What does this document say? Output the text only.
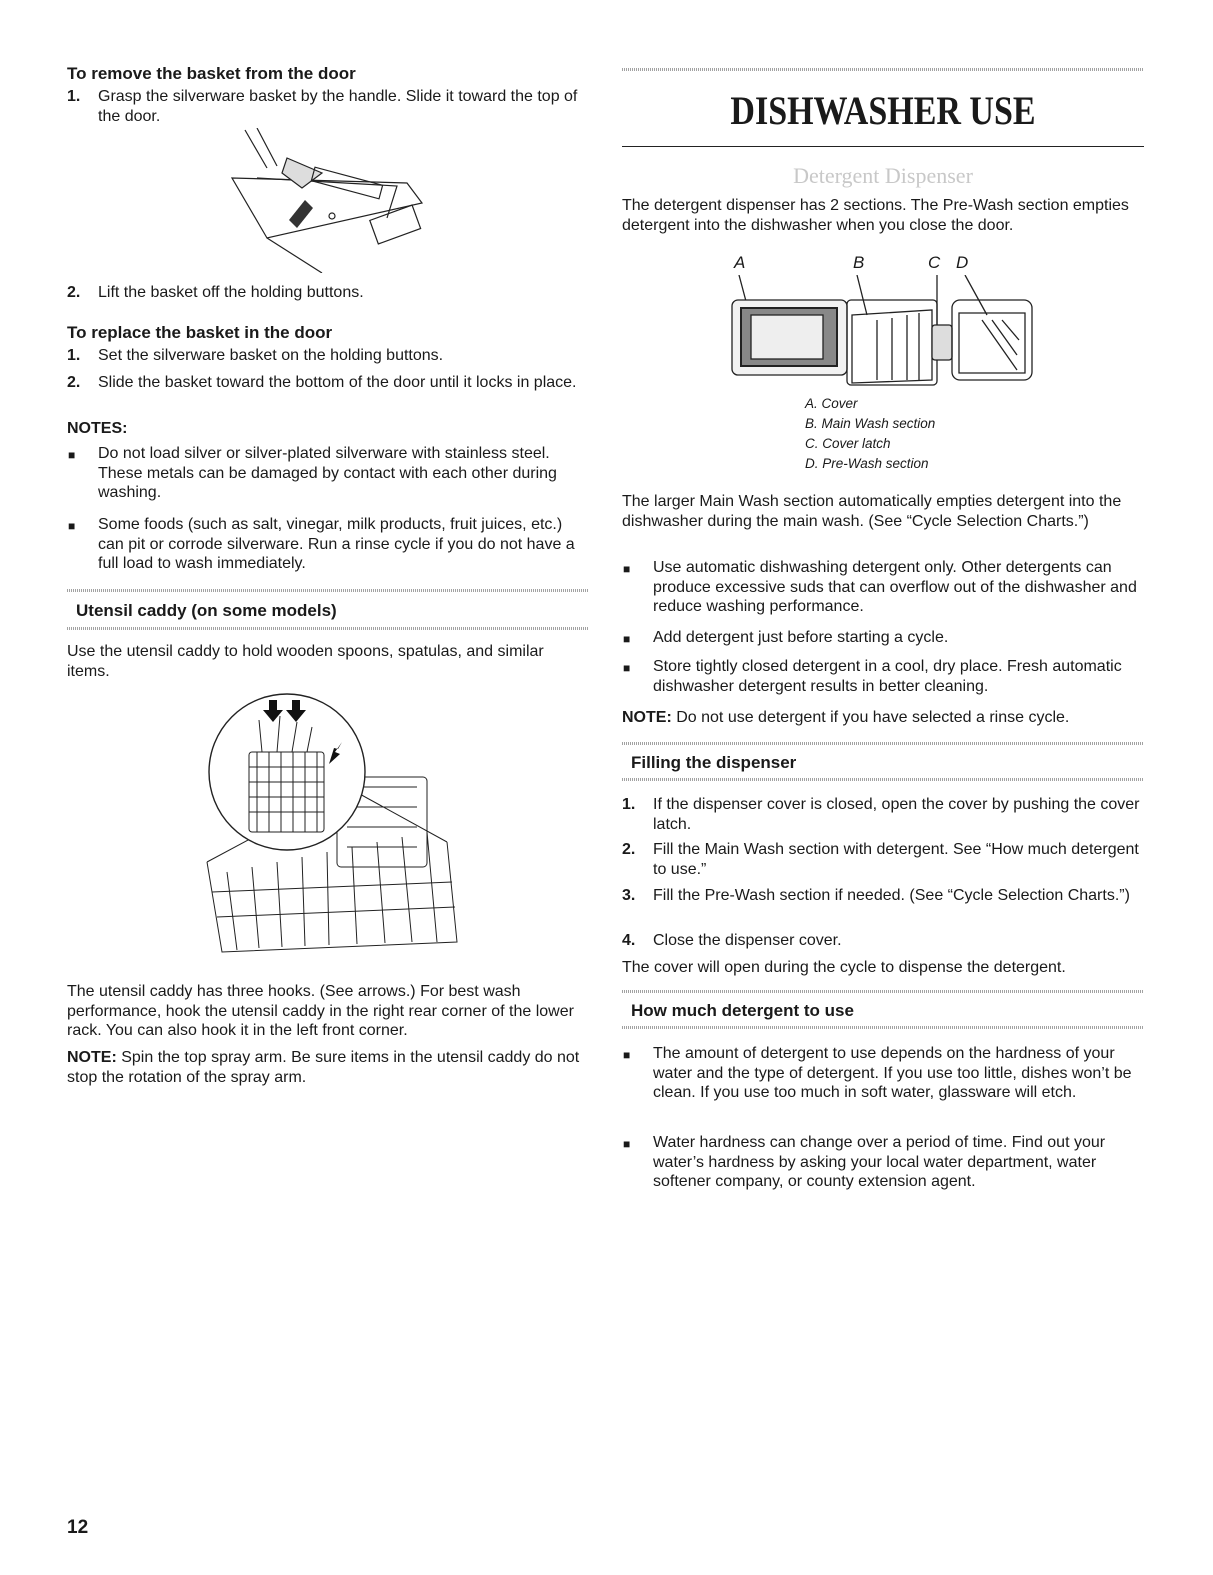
To remove the basket from the door
1. Grasp the silverware basket by the handle. Slide it toward the top of the door.
2. Lift the basket off the holding buttons.
To replace the basket in the door
1. Set the silverware basket on the holding buttons.
2. Slide the basket toward the bottom of the door until it locks in place.
NOTES:
■ Do not load silver or silver-plated silverware with stainless steel. These metals can be damaged by contact with each other during washing.
■ Some foods (such as salt, vinegar, milk products, fruit juices, etc.) can pit or corrode silverware. Run a rinse cycle if you do not have a full load to wash immediately.
Utensil caddy (on some models)
Use the utensil caddy to hold wooden spoons, spatulas, and similar items.
The utensil caddy has three hooks. (See arrows.) For best wash performance, hook the utensil caddy in the right rear corner of the lower rack. You can also hook it in the left front corner.
NOTE: Spin the top spray arm. Be sure items in the utensil caddy do not stop the rotation of the spray arm.
DISHWASHER USE
Detergent Dispenser
The detergent dispenser has 2 sections. The Pre-Wash section empties detergent into the dishwasher when you close the door.
A	B	C D
A. Cover
B. Main Wash section
C. Cover latch
D. Pre-Wash section
The larger Main Wash section automatically empties detergent into the dishwasher during the main wash. (See “Cycle Selection Charts.”)
■ Use automatic dishwashing detergent only. Other detergents can produce excessive suds that can overflow out of the dishwasher and reduce washing performance.
■ Add detergent just before starting a cycle.
■ Store tightly closed detergent in a cool, dry place. Fresh automatic dishwasher detergent results in better cleaning.
NOTE: Do not use detergent if you have selected a rinse cycle.
Filling the dispenser
1. If the dispenser cover is closed, open the cover by pushing the cover latch.
2. Fill the Main Wash section with detergent. See “How much detergent to use.”
3. Fill the Pre-Wash section if needed. (See “Cycle Selection Charts.”)
4. Close the dispenser cover.
The cover will open during the cycle to dispense the detergent.
How much detergent to use
■ The amount of detergent to use depends on the hardness of your water and the type of detergent. If you use too little, dishes won’t be clean. If you use too much in soft water, glassware will etch.
■ Water hardness can change over a period of time. Find out your water’s hardness by asking your local water department, water softener company, or county extension agent.
12
